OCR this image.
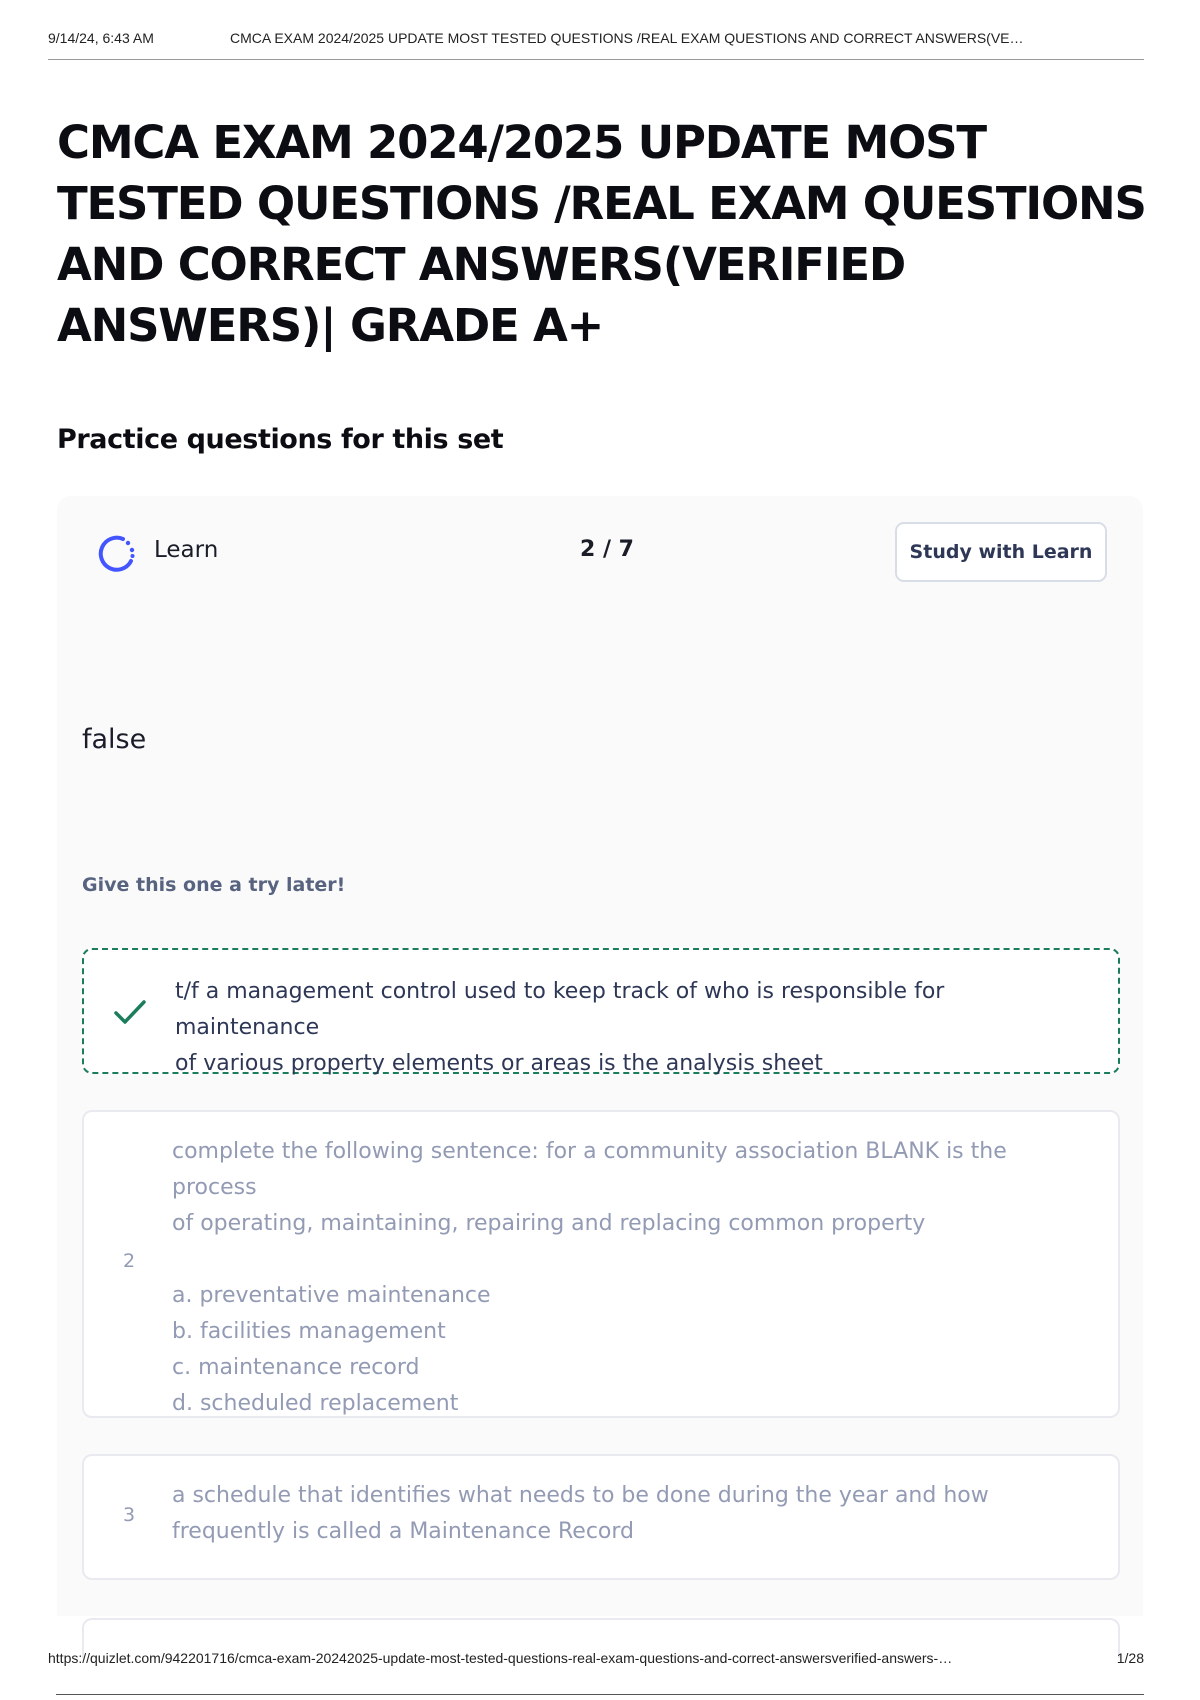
9/14/24, 6:43 AM	CMCA EXAM 2024/2025 UPDATE MOST TESTED QUESTIONS /REAL EXAM QUESTIONS AND CORRECT ANSWERS(VE…
CMCA EXAM 2024/2025 UPDATE MOST TESTED QUESTIONS /REAL EXAM QUESTIONS AND CORRECT ANSWERS(VERIFIED ANSWERS)| GRADE A+
Practice questions for this set
Learn	2 / 7	Study with Learn
false
Give this one a try later!
t/f a management control used to keep track of who is responsible for maintenance
of various property elements or areas is the analysis sheet
2
complete the following sentence: for a community association BLANK is the process
of operating, maintaining, repairing and replacing common property

a. preventative maintenance
b. facilities management
c. maintenance record
d. scheduled replacement
3
a schedule that identifies what needs to be done during the year and how
frequently is called a Maintenance Record
https://quizlet.com/942201716/cmca-exam-20242025-update-most-tested-questions-real-exam-questions-and-correct-answersverified-answers-…	1/28
